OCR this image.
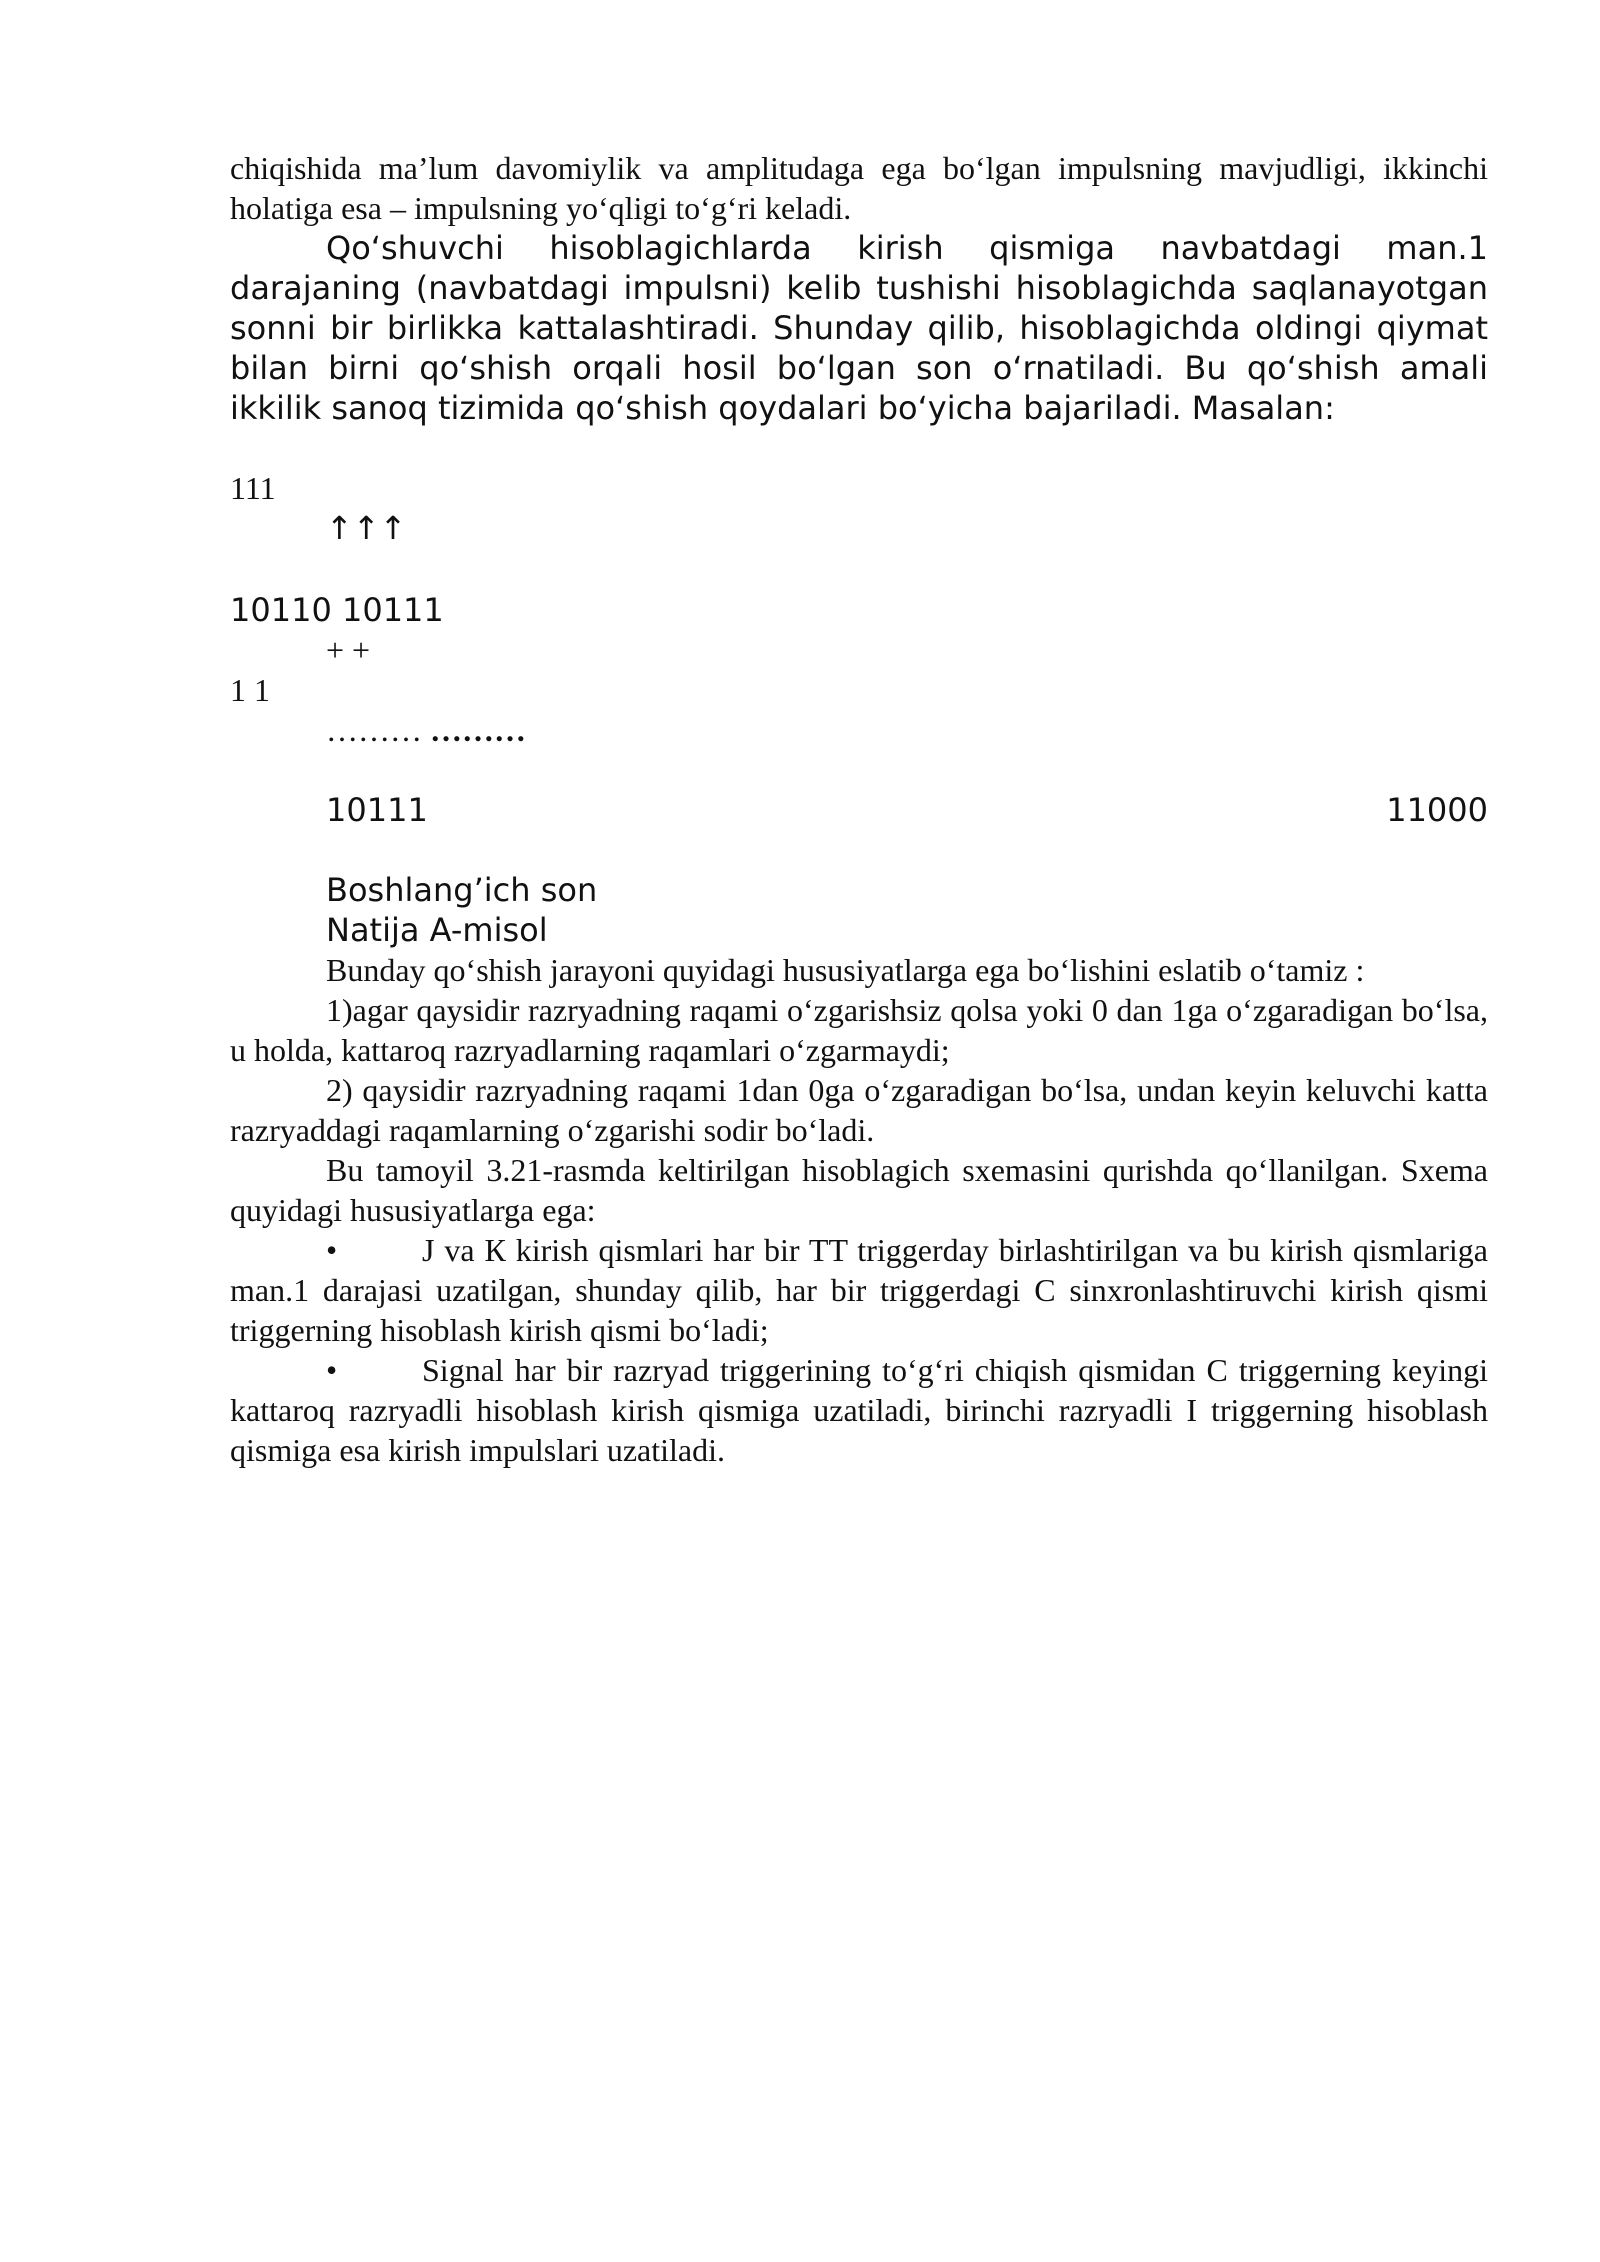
chiqishida ma’lum davomiylik va amplitudaga ega bo‘lgan impulsning mavjudligi, ikkinchi holatiga esa – impulsning yo‘qligi to‘g‘ri keladi.

Qo‘shuvchi hisoblagichlarda kirish qismiga navbatdagi man.1 darajaning (navbatdagi impulsni) kelib tushishi hisoblagichda saqlanayotgan sonni bir birlikka kattalashtiradi. Shunday qilib, hisoblagichda oldingi qiymat bilan birni qo‘shish orqali hosil bo‘lgan son o‘rnatiladi. Bu qo‘shish amali ikkilik sanoq tizimida qo‘shish qoydalari bo‘yicha bajariladi. Masalan:

111

↑↑↑

10110 10111

+ +

1 1

……… ………

10111	11000

Boshlang’ich son

Natija A-misol

Bunday qo‘shish jarayoni quyidagi hususiyatlarga ega bo‘lishini eslatib o‘tamiz :

1)agar qaysidir razryadning raqami o‘zgarishsiz qolsa yoki 0 dan 1ga o‘zgaradigan bo‘lsa, u holda, kattaroq razryadlarning raqamlari o‘zgarmaydi;

2) qaysidir razryadning raqami 1dan 0ga o‘zgaradigan bo‘lsa, undan keyin keluvchi katta razryaddagi raqamlarning o‘zgarishi sodir bo‘ladi.

Bu tamoyil 3.21-rasmda keltirilgan hisoblagich sxemasini qurishda qo‘llanilgan. Sxema quyidagi hususiyatlarga ega:

•	J va К kirish qismlari har bir TT triggerday birlashtirilgan va bu kirish qismlariga man.1 darajasi uzatilgan, shunday qilib, har bir triggerdagi C sinxronlashtiruvchi kirish qismi triggerning hisoblash kirish qismi bo‘ladi;

•	Signal har bir razryad triggerining to‘g‘ri chiqish qismidan C triggerning keyingi kattaroq razryadli hisoblash kirish qismiga uzatiladi, birinchi razryadli I triggerning hisoblash qismiga esa kirish impulslari uzatiladi.
